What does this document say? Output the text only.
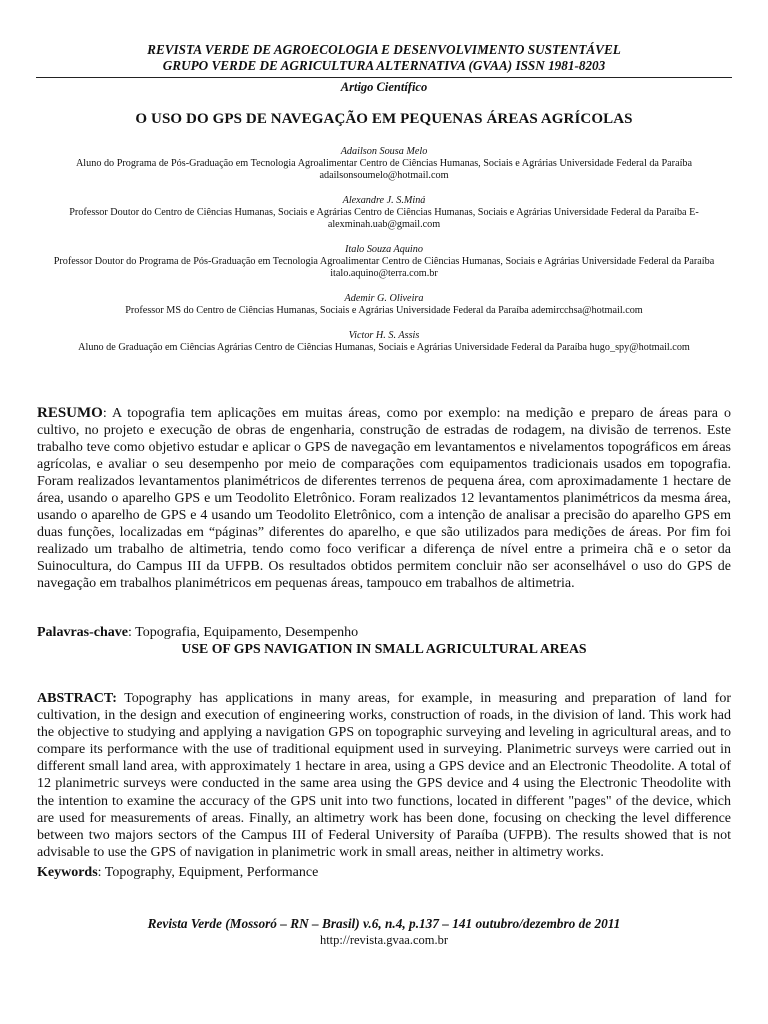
REVISTA VERDE DE AGROECOLOGIA E DESENVOLVIMENTO SUSTENTÁVEL
GRUPO VERDE DE AGRICULTURA ALTERNATIVA (GVAA) ISSN 1981-8203
Artigo Científico
O USO DO GPS DE NAVEGAÇÃO EM PEQUENAS ÁREAS AGRÍCOLAS
Adailson Sousa Melo
Aluno do Programa de Pós-Graduação em Tecnologia Agroalimentar Centro de Ciências Humanas, Sociais e Agrárias Universidade Federal da Paraíba adailsonsoumelo@hotmail.com
Alexandre J. S.Miná
Professor Doutor do Centro de Ciências Humanas, Sociais e Agrárias Centro de Ciências Humanas, Sociais e Agrárias Universidade Federal da Paraíba E- alexminah.uab@gmail.com
Italo Souza Aquino
Professor Doutor do Programa de Pós-Graduação em Tecnologia Agroalimentar Centro de Ciências Humanas, Sociais e Agrárias Universidade Federal da Paraíba italo.aquino@terra.com.br
Ademir G. Oliveira
Professor MS do Centro de Ciências Humanas, Sociais e Agrárias Universidade Federal da Paraíba ademircchsa@hotmail.com
Victor H. S. Assis
Aluno de Graduação em Ciências Agrárias Centro de Ciências Humanas, Sociais e Agrárias Universidade Federal da Paraíba hugo_spy@hotmail.com
RESUMO: A topografia tem aplicações em muitas áreas, como por exemplo: na medição e preparo de áreas para o cultivo, no projeto e execução de obras de engenharia, construção de estradas de rodagem, na divisão de terrenos. Este trabalho teve como objetivo estudar e aplicar o GPS de navegação em levantamentos e nivelamentos topográficos em áreas agrícolas, e avaliar o seu desempenho por meio de comparações com equipamentos tradicionais usados em topografia. Foram realizados levantamentos planimétricos de diferentes terrenos de pequena área, com aproximadamente 1 hectare de área, usando o aparelho GPS e um Teodolito Eletrônico. Foram realizados 12 levantamentos planimétricos da mesma área, usando o aparelho de GPS e 4 usando um Teodolito Eletrônico, com a intenção de analisar a precisão do aparelho GPS em duas funções, localizadas em “páginas” diferentes do aparelho, e que são utilizados para medições de áreas. Por fim foi realizado um trabalho de altimetria, tendo como foco verificar a diferença de nível entre a primeira chã e o setor da Suinocultura, do Campus III da UFPB. Os resultados obtidos permitem concluir não ser aconselhável o uso do GPS de navegação em trabalhos planimétricos em pequenas áreas, tampouco em trabalhos de altimetria.
Palavras-chave: Topografia, Equipamento, Desempenho
USE OF GPS NAVIGATION IN SMALL AGRICULTURAL AREAS
ABSTRACT: Topography has applications in many areas, for example, in measuring and preparation of land for cultivation, in the design and execution of engineering works, construction of roads, in the division of land. This work had the objective to studying and applying a navigation GPS on topographic surveying and leveling in agricultural areas, and to compare its performance with the use of traditional equipment used in surveying. Planimetric surveys were carried out in different small land area, with approximately 1 hectare in area, using a GPS device and an Electronic Theodolite. A total of 12 planimetric surveys were conducted in the same area using the GPS device and 4 using the Electronic Theodolite with the intention to examine the accuracy of the GPS unit into two functions, located in different "pages" of the device, which are used for measurements of areas. Finally, an altimetry work has been done, focusing on checking the level difference between two majors sectors of the Campus III of Federal University of Paraíba (UFPB). The results showed that is not advisable to use the GPS of navigation in planimetric work in small areas, neither in altimetry works.
Keywords: Topography, Equipment, Performance
Revista Verde (Mossoró – RN – Brasil) v.6, n.4, p.137 – 141 outubro/dezembro de 2011
http://revista.gvaa.com.br
